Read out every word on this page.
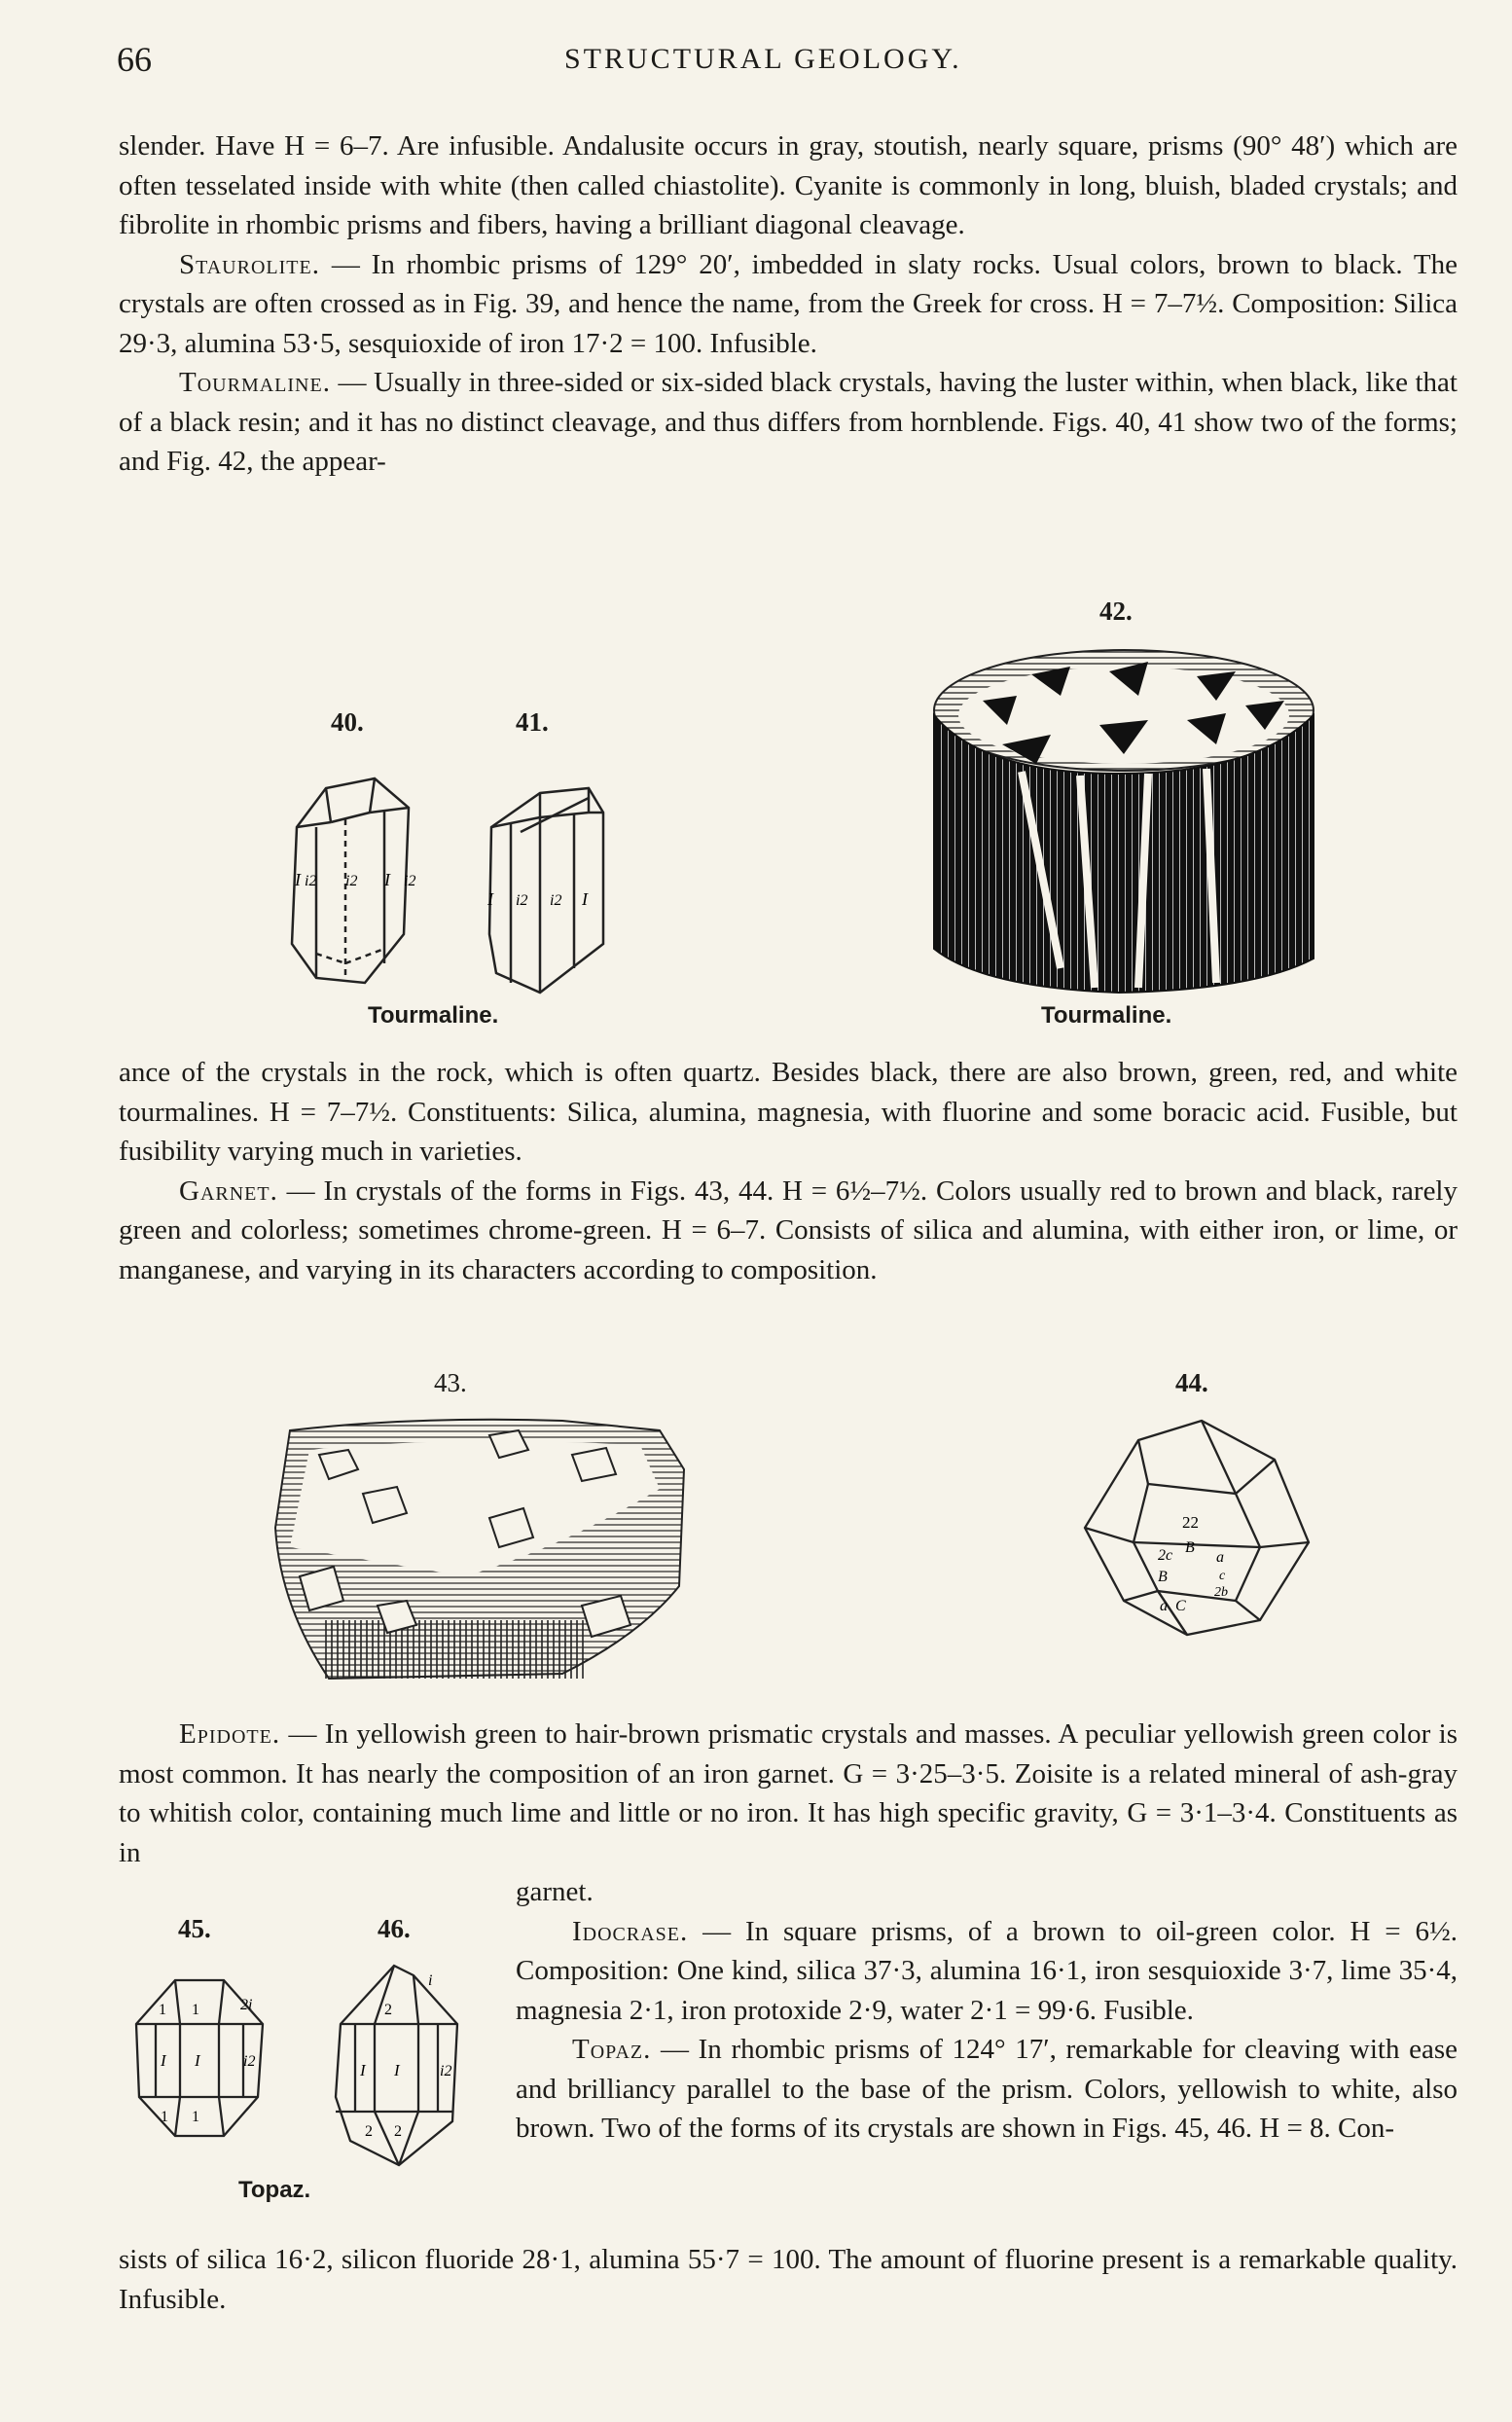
66	STRUCTURAL GEOLOGY.
slender. Have H = 6–7. Are infusible. Andalusite occurs in gray, stoutish, nearly square, prisms (90° 48′) which are often tesselated inside with white (then called chiastolite). Cyanite is commonly in long, bluish, bladed crystals; and fibrolite in rhombic prisms and fibers, having a brilliant diagonal cleavage.
Staurolite. — In rhombic prisms of 129° 20′, imbedded in slaty rocks. Usual colors, brown to black. The crystals are often crossed as in Fig. 39, and hence the name, from the Greek for cross. H = 7–7½. Composition: Silica 29·3, alumina 53·5, sesquioxide of iron 17·2 = 100. Infusible.
Tourmaline. — Usually in three-sided or six-sided black crystals, having the luster within, when black, like that of a black resin; and it has no distinct cleavage, and thus differs from hornblende. Figs. 40, 41 show two of the forms; and Fig. 42, the appear-
40.	41.
42.
I i2 i2 I i2
I i2 i2 I
Tourmaline.	Tourmaline.
ance of the crystals in the rock, which is often quartz. Besides black, there are also brown, green, red, and white tourmalines. H = 7–7½. Constituents: Silica, alumina, magnesia, with fluorine and some boracic acid. Fusible, but fusibility varying much in varieties.
Garnet. — In crystals of the forms in Figs. 43, 44. H = 6½–7½. Colors usually red to brown and black, rarely green and colorless; sometimes chrome-green. H = 6–7. Consists of silica and alumina, with either iron, or lime, or manganese, and varying in its characters according to composition.
43.	44.
22
2c B
B
a
c
2b
a C
Epidote. — In yellowish green to hair-brown prismatic crystals and masses. A peculiar yellowish green color is most common. It has nearly the composition of an iron garnet. G = 3·25–3·5. Zoisite is a related mineral of ash-gray to whitish color, containing much lime and little or no iron. It has high specific gravity, G = 3·1–3·4. Constituents as in
garnet.
Idocrase. — In square prisms, of a brown to oil-green color. H = 6½. Composition: One kind, silica 37·3, alumina 16·1, iron sesquioxide 3·7, lime 35·4, magnesia 2·1, iron protoxide 2·9, water 2·1 = 99·6. Fusible.
Topaz. — In rhombic prisms of 124° 17′, remarkable for cleaving with ease and brilliancy parallel to the base of the prism. Colors, yellowish to white, also brown. Two of the forms of its crystals are shown in Figs. 45, 46. H = 8. Con-
45.	46.
1 1	2i
I I	i2
1 1
i
2
I I	i2
2 2
Topaz.
sists of silica 16·2, silicon fluoride 28·1, alumina 55·7 = 100. The amount of fluorine present is a remarkable quality. Infusible.
